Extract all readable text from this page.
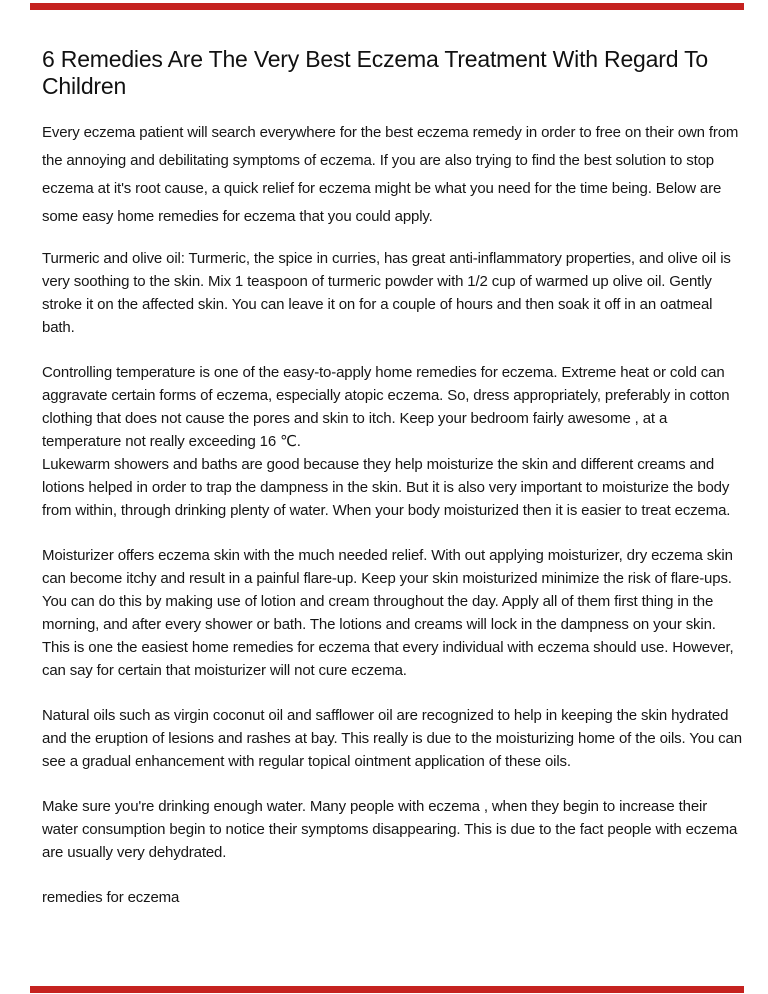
6 Remedies Are The Very Best Eczema Treatment With Regard To Children

Every eczema patient will search everywhere for the best eczema remedy in order to free on their own from the annoying and debilitating symptoms of eczema. If you are also trying to find the best solution to stop eczema at it's root cause, a quick relief for eczema might be what you need for the time being. Below are some easy home remedies for eczema that you could apply.

Turmeric and olive oil: Turmeric, the spice in curries, has great anti-inflammatory properties, and olive oil is very soothing to the skin. Mix 1 teaspoon of turmeric powder with 1/2 cup of warmed up olive oil. Gently stroke it on the affected skin. You can leave it on for a couple of hours and then soak it off in an oatmeal bath.

Controlling temperature is one of the easy-to-apply home remedies for eczema. Extreme heat or cold can aggravate certain forms of eczema, especially atopic eczema. So, dress appropriately, preferably in cotton clothing that does not cause the pores and skin to itch. Keep your bedroom fairly awesome , at a temperature not really exceeding 16 ℃.

Lukewarm showers and baths are good because they help moisturize the skin and different creams and lotions helped in order to trap the dampness in the skin. But it is also very important to moisturize the body from within, through drinking plenty of water. When your body moisturized then it is easier to treat eczema.

Moisturizer offers eczema skin with the much needed relief. With out applying moisturizer, dry eczema skin can become itchy and result in a painful flare-up. Keep your skin moisturized minimize the risk of flare-ups. You can do this by making use of lotion and cream throughout the day. Apply all of them first thing in the morning, and after every shower or bath. The lotions and creams will lock in the dampness on your skin. This is one the easiest home remedies for eczema that every individual with eczema should use. However, can say for certain that moisturizer will not cure eczema.

Natural oils such as virgin coconut oil and safflower oil are recognized to help in keeping the skin hydrated and the eruption of lesions and rashes at bay. This really is due to the moisturizing home of the oils. You can see a gradual enhancement with regular topical ointment application of these oils.

Make sure you're drinking enough water. Many people with eczema , when they begin to increase their water consumption begin to notice their symptoms disappearing. This is due to the fact people with eczema are usually very dehydrated.

remedies for eczema
